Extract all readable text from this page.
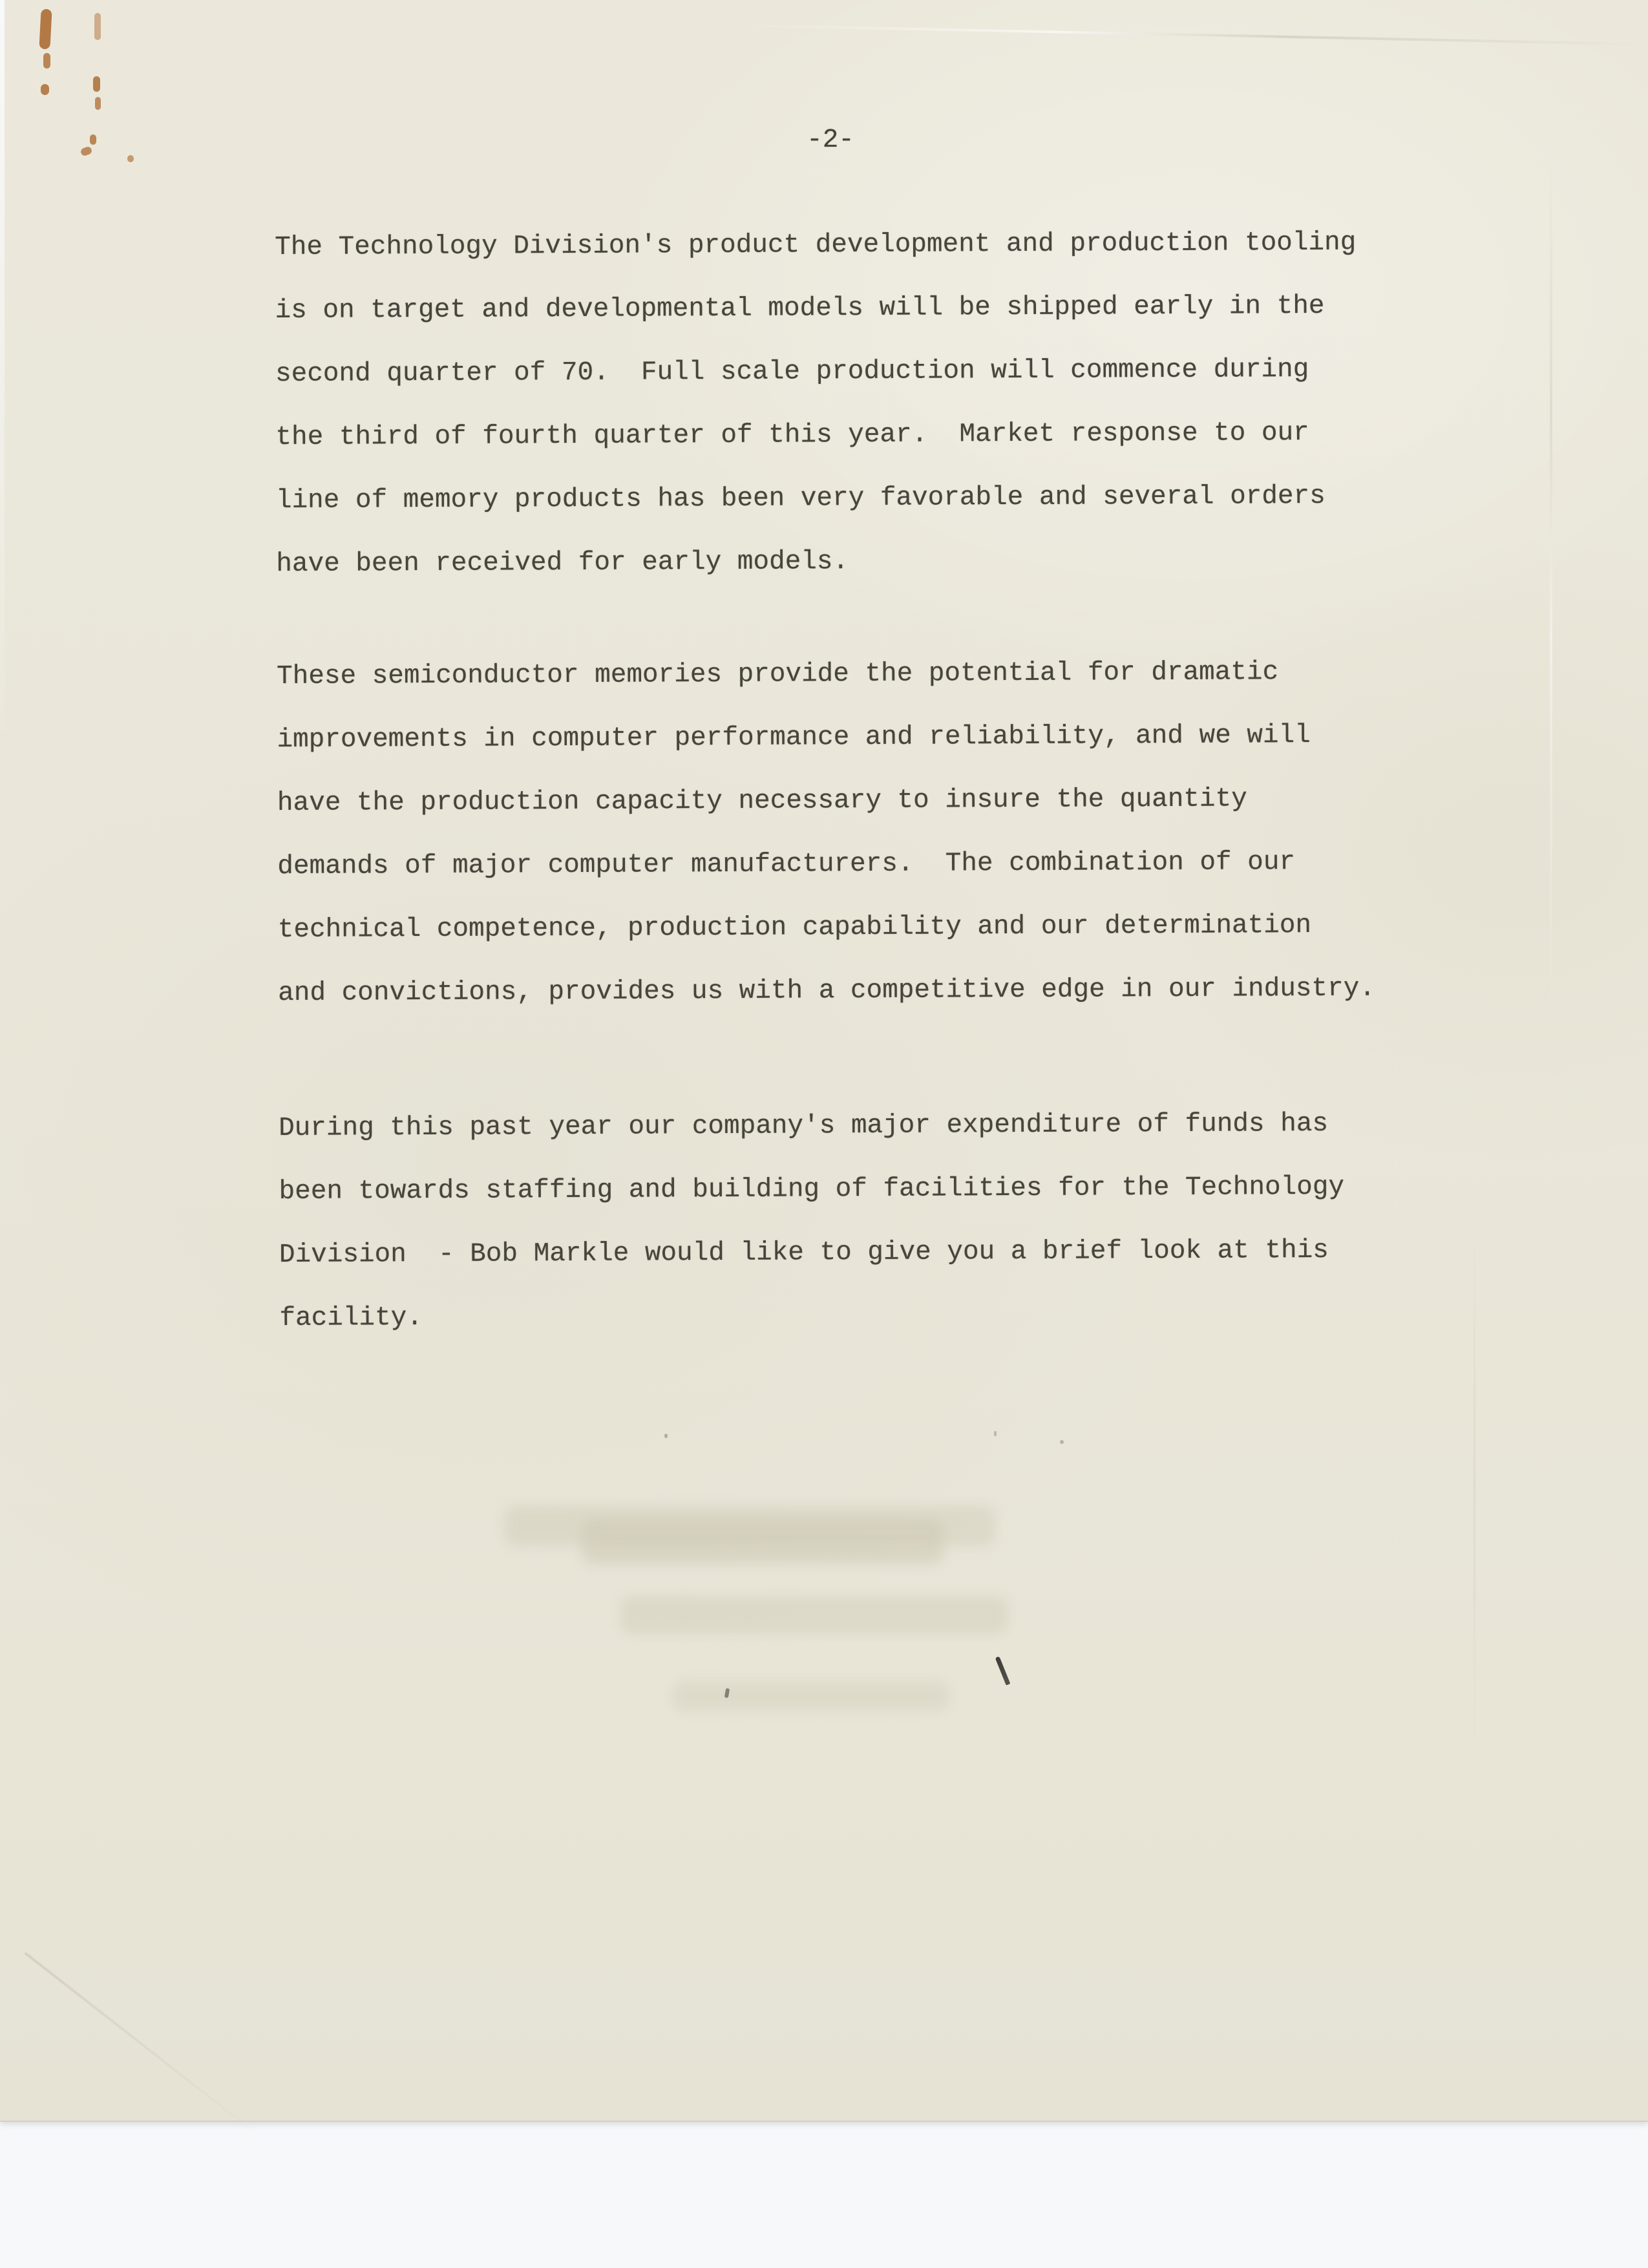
-2-
The Technology Division's product development and production tooling
is on target and developmental models will be shipped early in the
second quarter of 70.  Full scale production will commence during
the third of fourth quarter of this year.  Market response to our
line of memory products has been very favorable and several orders
have been received for early models.
These semiconductor memories provide the potential for dramatic
improvements in computer performance and reliability, and we will
have the production capacity necessary to insure the quantity
demands of major computer manufacturers.  The combination of our
technical competence, production capability and our determination
and convictions, provides us with a competitive edge in our industry.
During this past year our company's major expenditure of funds has
been towards staffing and building of facilities for the Technology
Division  - Bob Markle would like to give you a brief look at this
facility.
